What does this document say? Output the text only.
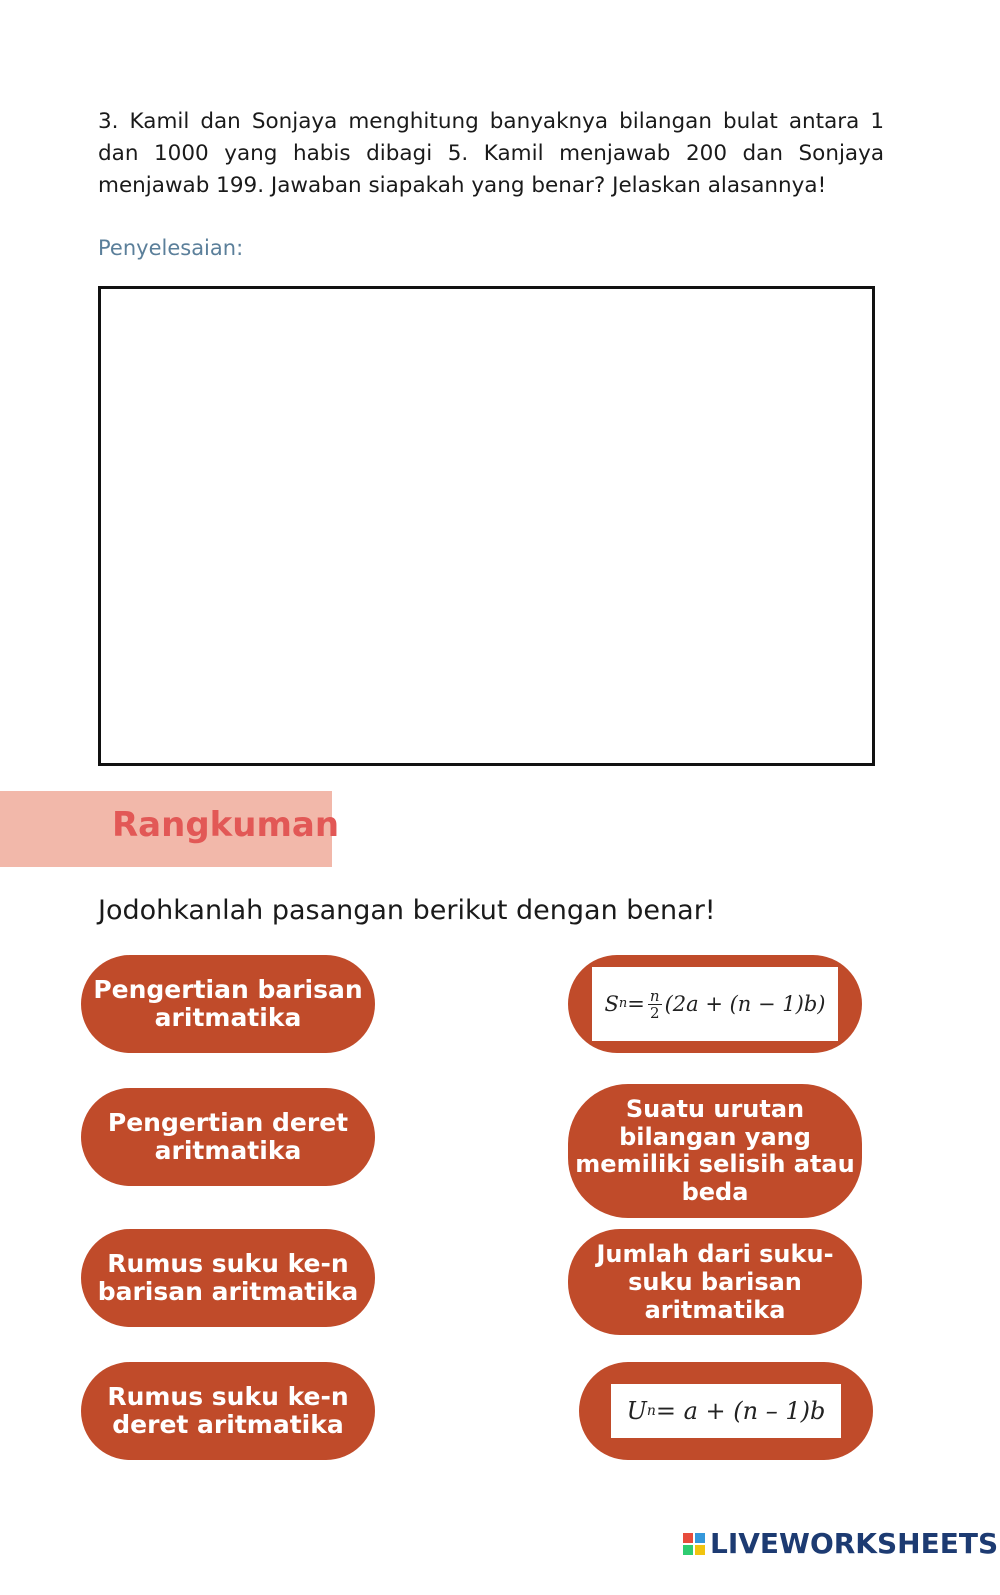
3. Kamil dan Sonjaya menghitung banyaknya bilangan bulat antara 1 dan 1000 yang habis dibagi 5. Kamil menjawab 200 dan Sonjaya menjawab 199. Jawaban siapakah yang benar? Jelaskan alasannya!
Penyelesaian:
Rangkuman
Jodohkanlah pasangan berikut dengan benar!
Pengertian barisan
aritmatika
Pengertian deret
aritmatika
Rumus suku ke-n
barisan aritmatika
Rumus suku ke-n
deret aritmatika
S $n = \frac{n}{2} (2a + (n - 1)b)$
Suatu urutan
bilangan yang
memiliki selisih atau
beda
Jumlah dari suku-
suku barisan
aritmatika
U n = a + (n – 1)b
LIVEWORKSHEETS
